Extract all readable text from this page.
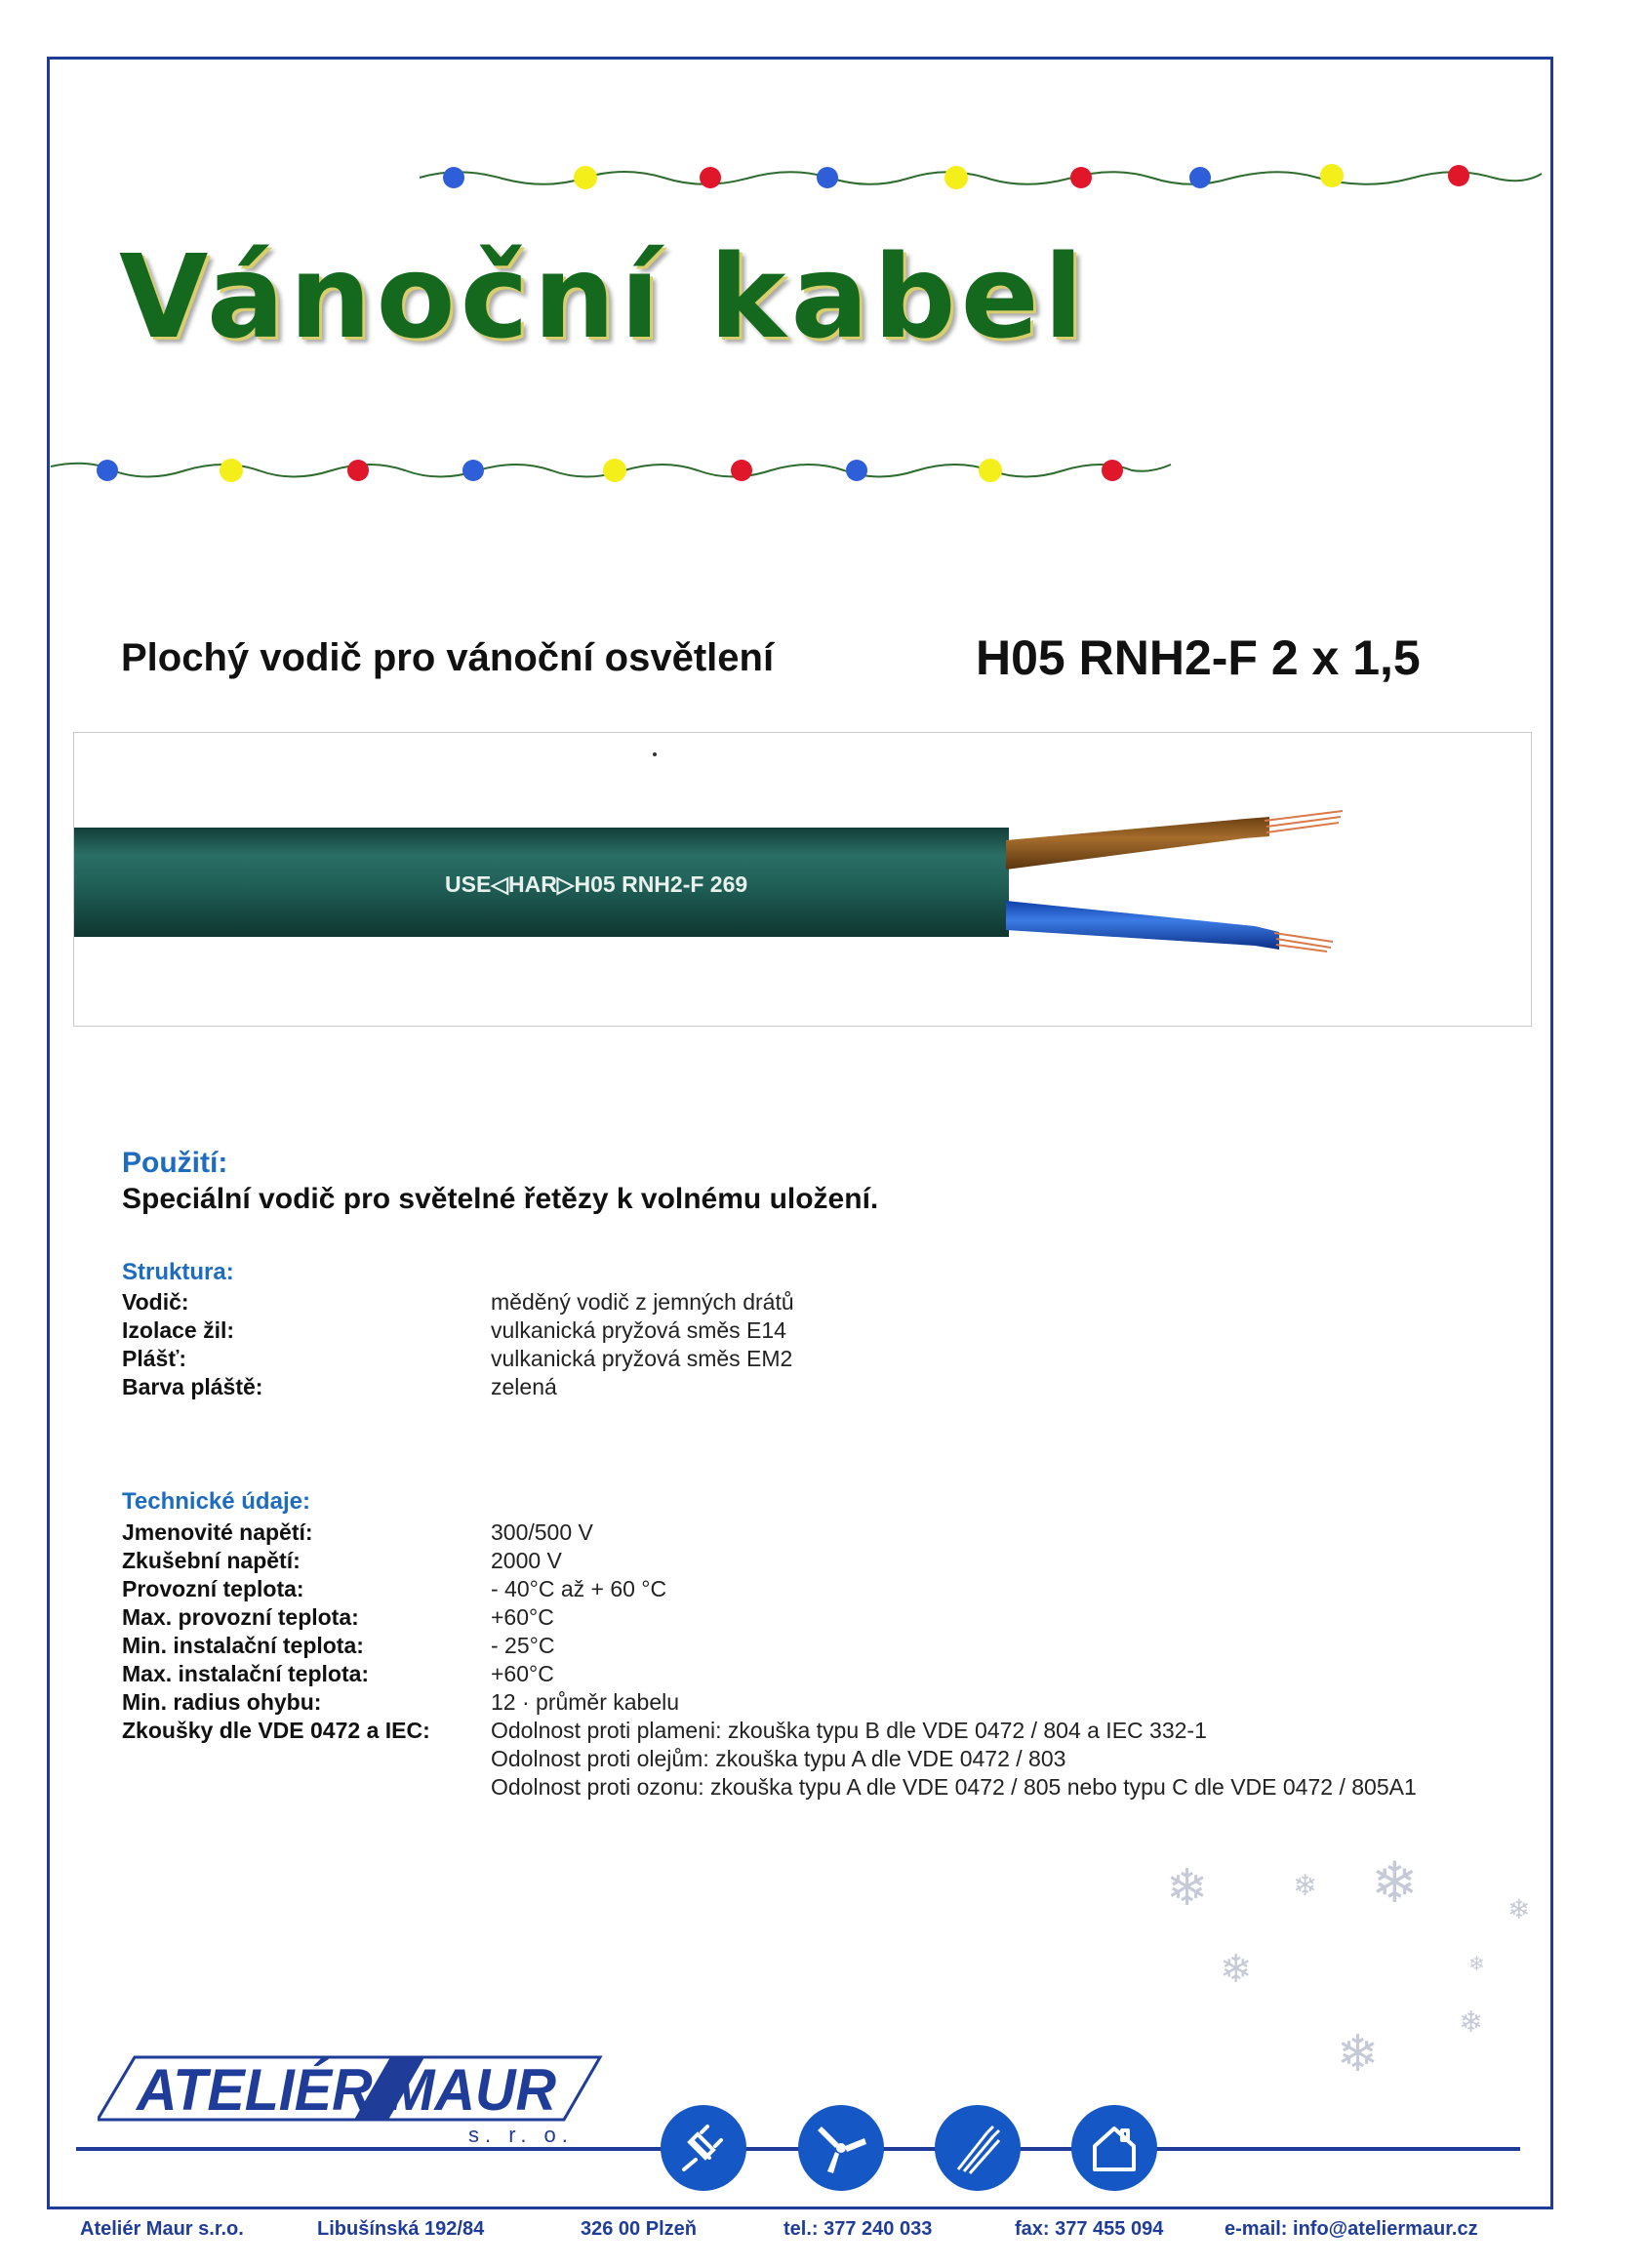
Vánoční kabel

Plochý vodič pro vánoční osvětlení	H05 RNH2-F 2 x 1,5

USE◁HAR▷H05 RNH2-F 269
Použití:
Speciální vodič pro světelné řetězy k volnému uložení.
Struktura:
Vodič:	měděný vodič z jemných drátů
Izolace žil:	vulkanická pryžová směs E14
Plášť:	vulkanická pryžová směs EM2
Barva pláště:	zelená
Technické údaje:
Jmenovité napětí:	300/500 V
Zkušební napětí:	2000 V
Provozní teplota:	- 40°C až + 60 °C
Max. provozní teplota:	+60°C
Min. instalační teplota:	- 25°C
Max. instalační teplota:	+60°C
Min. radius ohybu:	12 · průměr kabelu
Zkoušky dle VDE 0472 a IEC:	Odolnost proti plameni: zkouška typu B dle VDE 0472 / 804 a IEC 332-1
	Odolnost proti olejům: zkouška typu A dle VDE 0472 / 803
	Odolnost proti ozonu: zkouška typu A dle VDE 0472 / 805 nebo typu C dle VDE 0472 / 805A1
❄	❄ ❄	❄
❄	❄
❄
❄
ATELIÉR MAUR
s. r. o.
Ateliér Maur s.r.o.	Libušínská 192/84	326 00 Plzeň	tel.: 377 240 033	fax: 377 455 094	e-mail: info@ateliermaur.cz
